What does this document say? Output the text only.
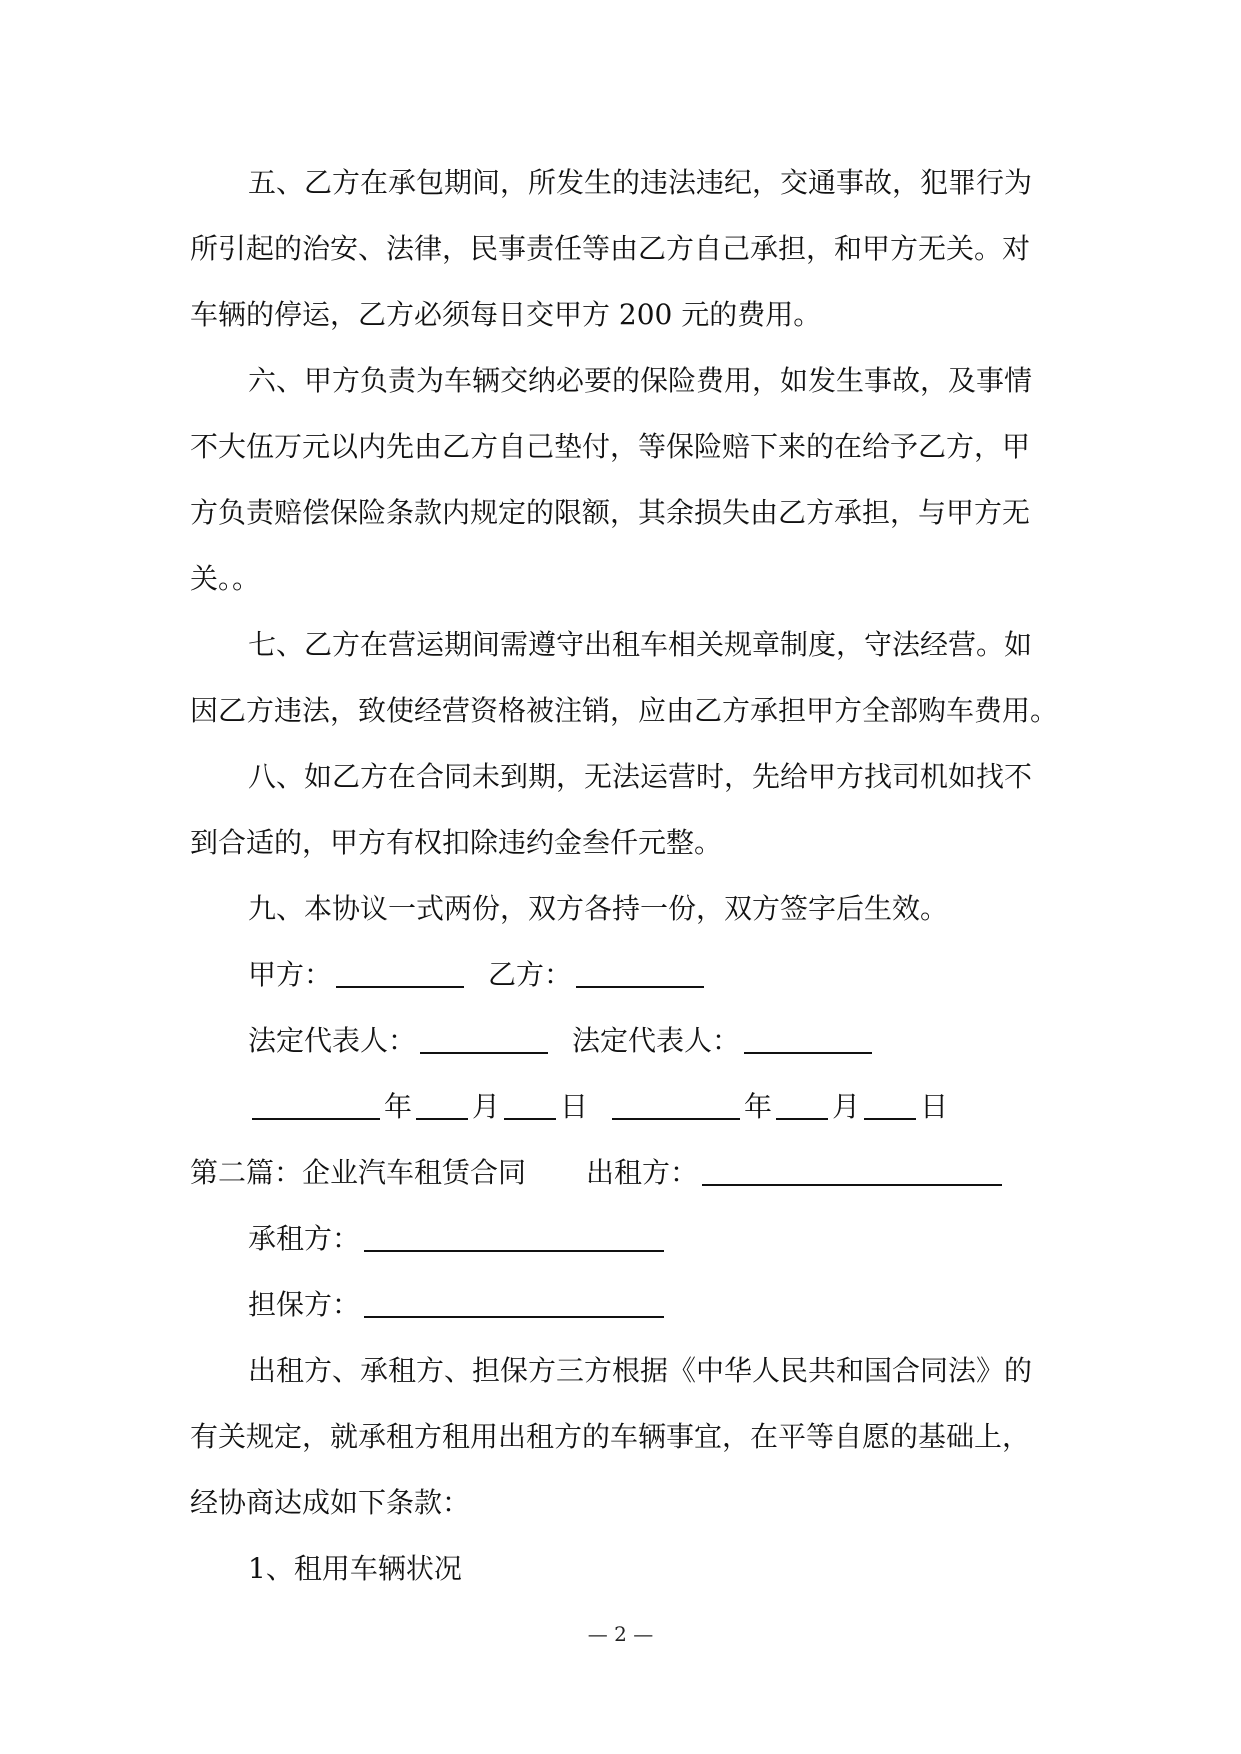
五、乙方在承包期间，所发生的违法违纪，交通事故，犯罪行为
所引起的治安、法律，民事责任等由乙方自己承担，和甲方无关。对
车辆的停运，乙方必须每日交甲方 200 元的费用。
六、甲方负责为车辆交纳必要的保险费用，如发生事故，及事情
不大伍万元以内先由乙方自己垫付，等保险赔下来的在给予乙方，甲
方负责赔偿保险条款内规定的限额，其余损失由乙方承担，与甲方无
关。。
七、乙方在营运期间需遵守出租车相关规章制度，守法经营。如
因乙方违法，致使经营资格被注销，应由乙方承担甲方全部购车费用。
八、如乙方在合同未到期，无法运营时，先给甲方找司机如找不
到合适的，甲方有权扣除违约金叁仟元整。
九、本协议一式两份，双方各持一份，双方签字后生效。
甲方：	乙方：
法定代表人：	法定代表人：
年 月 日	年 月 日
第二篇：企业汽车租赁合同 出租方：
承租方：
担保方：
出租方、承租方、担保方三方根据《中华人民共和国合同法》的
有关规定，就承租方租用出租方的车辆事宜，在平等自愿的基础上，
经协商达成如下条款：
1、租用车辆状况
— 2 —
